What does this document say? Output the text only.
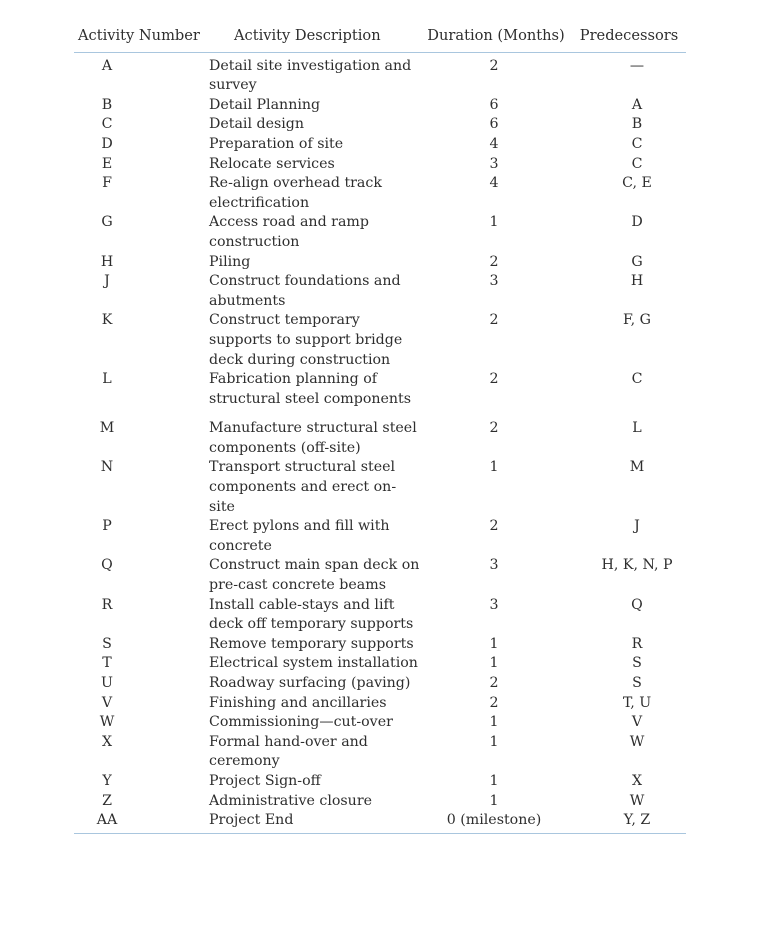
Activity Number	Activity Description	Duration (Months)	Predecessors
A	Detail site investigation and survey	2	—
B	Detail Planning	6	A
C	Detail design	6	B
D	Preparation of site	4	C
E	Relocate services	3	C
F	Re-align overhead track electrification	4	C, E
G	Access road and ramp construction	1	D
H	Piling	2	G
J	Construct foundations and abutments	3	H
K	Construct temporary supports to support bridge deck during construction	2	F, G
L	Fabrication planning of structural steel components	2	C
M	Manufacture structural steel components (off-site)	2	L
N	Transport structural steel components and erect on-site	1	M
P	Erect pylons and fill with concrete	2	J
Q	Construct main span deck on pre-cast concrete beams	3	H, K, N, P
R	Install cable-stays and lift deck off temporary supports	3	Q
S	Remove temporary supports	1	R
T	Electrical system installation	1	S
U	Roadway surfacing (paving)	2	S
V	Finishing and ancillaries	2	T, U
W	Commissioning—cut-over	1	V
X	Formal hand-over and ceremony	1	W
Y	Project Sign-off	1	X
Z	Administrative closure	1	W
AA	Project End	0 (milestone)	Y, Z
